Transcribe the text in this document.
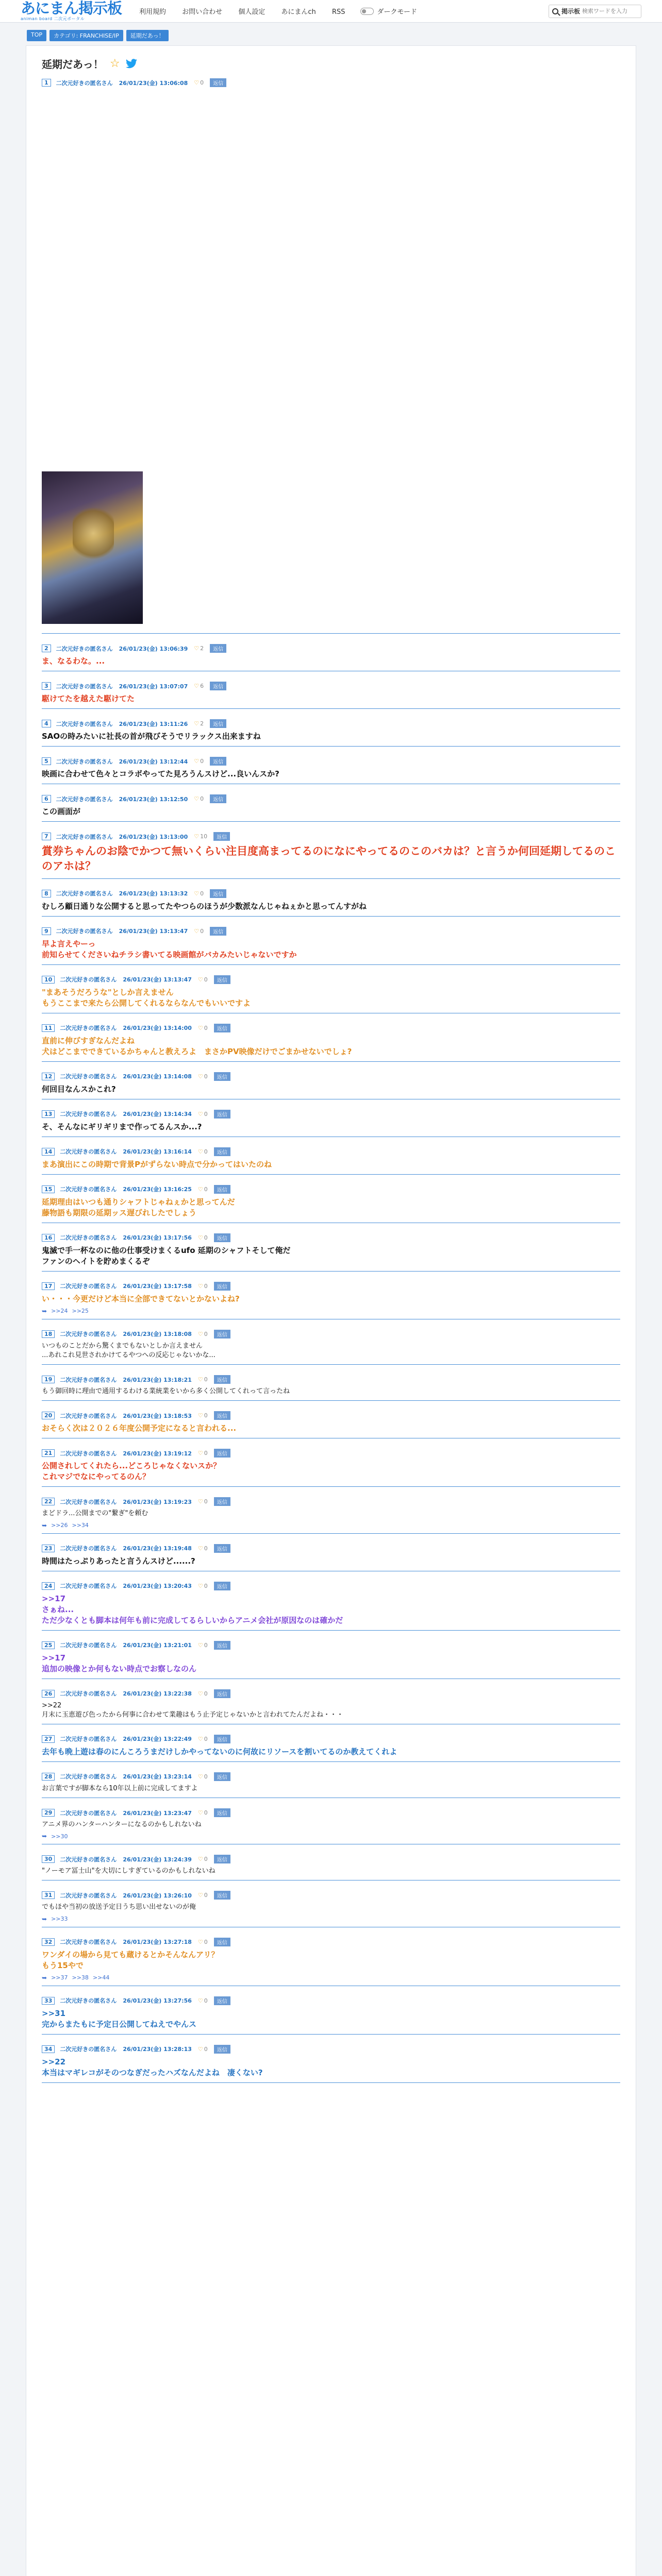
あにまん掲示板
animan board 二次元ポータル
利用規約 お問い合わせ 個人設定 あにまんch RSS	ダークモード	掲示板
検索ワードを入力
TOP	カテゴリ: FRANCHISE/IP	延期だあっ！
延期だあっ！ ☆
1	二次元好きの匿名さん 26/01/23(金) 13:06:08 ♡ 0	返信
2	二次元好きの匿名さん 26/01/23(金) 13:06:39 ♡ 2	返信
ま、なるわな。...
3	二次元好きの匿名さん 26/01/23(金) 13:07:07 ♡ 6	返信
駆けてたを越えた駆けてた
4	二次元好きの匿名さん 26/01/23(金) 13:11:26 ♡ 2	返信
SAOの時みたいに社長の首が飛びそうでリラックス出来ますね
5	二次元好きの匿名さん 26/01/23(金) 13:12:44 ♡ 0	返信
映画に合わせて色々とコラボやってた見ろうんスけど...良いんスか?
6	二次元好きの匿名さん 26/01/23(金) 13:12:50 ♡ 0	返信
この画面が
7	二次元好きの匿名さん 26/01/23(金) 13:13:00 ♡ 10	返信
賞券ちゃんのお陰でかつて無いくらい注目度高まってるのになにやってるのこのバカは？と言うか何回延期してるのこのアホは？
8	二次元好きの匿名さん 26/01/23(金) 13:13:32 ♡ 0	返信
むしろ顧日通りな公開すると思ってたやつらのほうが少数派なんじゃねぇかと思ってんすがね
9	二次元好きの匿名さん 26/01/23(金) 13:13:47 ♡ 0	返信
早よ言えやーっ
前知らせてくださいねチラシ書いてる映画館がバカみたいじゃないですか
10	二次元好きの匿名さん 26/01/23(金) 13:13:47 ♡ 0	返信
"まあそうだろうな"としか言えません
もうここまで来たら公開してくれるならなんでもいいですよ
11	二次元好きの匿名さん 26/01/23(金) 13:14:00 ♡ 0	返信
直前に伸びすぎなんだよね
犬はどこまでできているかちゃんと教えろよ　まさかPV映像だけでごまかせないでしょ?
12	二次元好きの匿名さん 26/01/23(金) 13:14:08 ♡ 0	返信
何回目なんスかこれ?
13	二次元好きの匿名さん 26/01/23(金) 13:14:34 ♡ 0	返信
そ、そんなにギリギリまで作ってるんスか...?
14	二次元好きの匿名さん 26/01/23(金) 13:16:14 ♡ 0	返信
まあ演出にこの時期で背景Pがずらない時点で分かってはいたのね
15	二次元好きの匿名さん 26/01/23(金) 13:16:25 ♡ 0	返信
延期理由はいつも通りシャフトじゃねぇかと思ってんだ
藤物語も期限の延期ッス遅びれしたでしょう
16	二次元好きの匿名さん 26/01/23(金) 13:17:56 ♡ 0	返信
鬼滅で手一杯なのに他の仕事受けまくるufo 延期のシャフトそして俺だ
ファンのヘイトを貯めまくるぞ
17	二次元好きの匿名さん 26/01/23(金) 13:17:58 ♡ 0	返信
い・・・今更だけど本当に全部できてないとかないよね?
➥ >>24 >>25
18	二次元好きの匿名さん 26/01/23(金) 13:18:08 ♡ 0	返信
いつものことだから驚くまでもないとしか言えません
...あれこれ見世されかけてるやつへの反応じゃないかな...
19	二次元好きの匿名さん 26/01/23(金) 13:18:21 ♡ 0	返信
もう御回時に理由で通用するわける業統業をいから多く公開してくれって言ったね
20	二次元好きの匿名さん 26/01/23(金) 13:18:53 ♡ 0	返信
おそらく次は２０２６年度公開予定になると言われる...
21	二次元好きの匿名さん 26/01/23(金) 13:19:12 ♡ 0	返信
公開されしてくれたら...どころじゃなくないスか？
これマジでなにやってるのん？
22	二次元好きの匿名さん 26/01/23(金) 13:19:23 ♡ 0	返信
まどドラ...公開までの"繋ぎ"を頼む
➥ >>26 >>34
23	二次元好きの匿名さん 26/01/23(金) 13:19:48 ♡ 0	返信
時間はたっぷりあったと言うんスけど......?
24	二次元好きの匿名さん 26/01/23(金) 13:20:43 ♡ 0	返信
>>17
さぁね...
ただ少なくとも脚本は何年も前に完成してるらしいからアニメ会社が原因なのは確かだ
25	二次元好きの匿名さん 26/01/23(金) 13:21:01 ♡ 0	返信
>>17
追加の映像とか何もない時点でお察しなのん
26	二次元好きの匿名さん 26/01/23(金) 13:22:38 ♡ 0	返信
>>22
月末に玉恵遊び色ったから何事に合わせて業趣はもう止予定じゃないかと言われてたんだよね・・・
27	二次元好きの匿名さん 26/01/23(金) 13:22:49 ♡ 0	返信
去年も晩上遊は春のにんころうまだけしかやってないのに何故にリソースを割いてるのか教えてくれよ
28	二次元好きの匿名さん 26/01/23(金) 13:23:14 ♡ 0	返信
お言葉ですが脚本なら10年以上前に完成してますよ
29	二次元好きの匿名さん 26/01/23(金) 13:23:47 ♡ 0	返信
アニメ界のハンターハンターになるのかもしれないね
➥ >>30
30	二次元好きの匿名さん 26/01/23(金) 13:24:39 ♡ 0	返信
"ノーモア冨士山"を大切にしすぎているのかもしれないね
31	二次元好きの匿名さん 26/01/23(金) 13:26:10 ♡ 0	返信
でもほや当初の放送予定日うち思い出せないのが俺
➥ >>33
32	二次元好きの匿名さん 26/01/23(金) 13:27:18 ♡ 0	返信
ワンダイの場から見ても蔵けるとかそんなんアリ？
もう15やで
➥ >>37 >>38 >>44
33	二次元好きの匿名さん 26/01/23(金) 13:27:56 ♡ 0	返信
>>31
完からまたもに予定日公開してねえでやんス
34	二次元好きの匿名さん 26/01/23(金) 13:28:13 ♡ 0	返信
>>22
本当はマギレコがそのつなぎだったハズなんだよね　凄くない?
